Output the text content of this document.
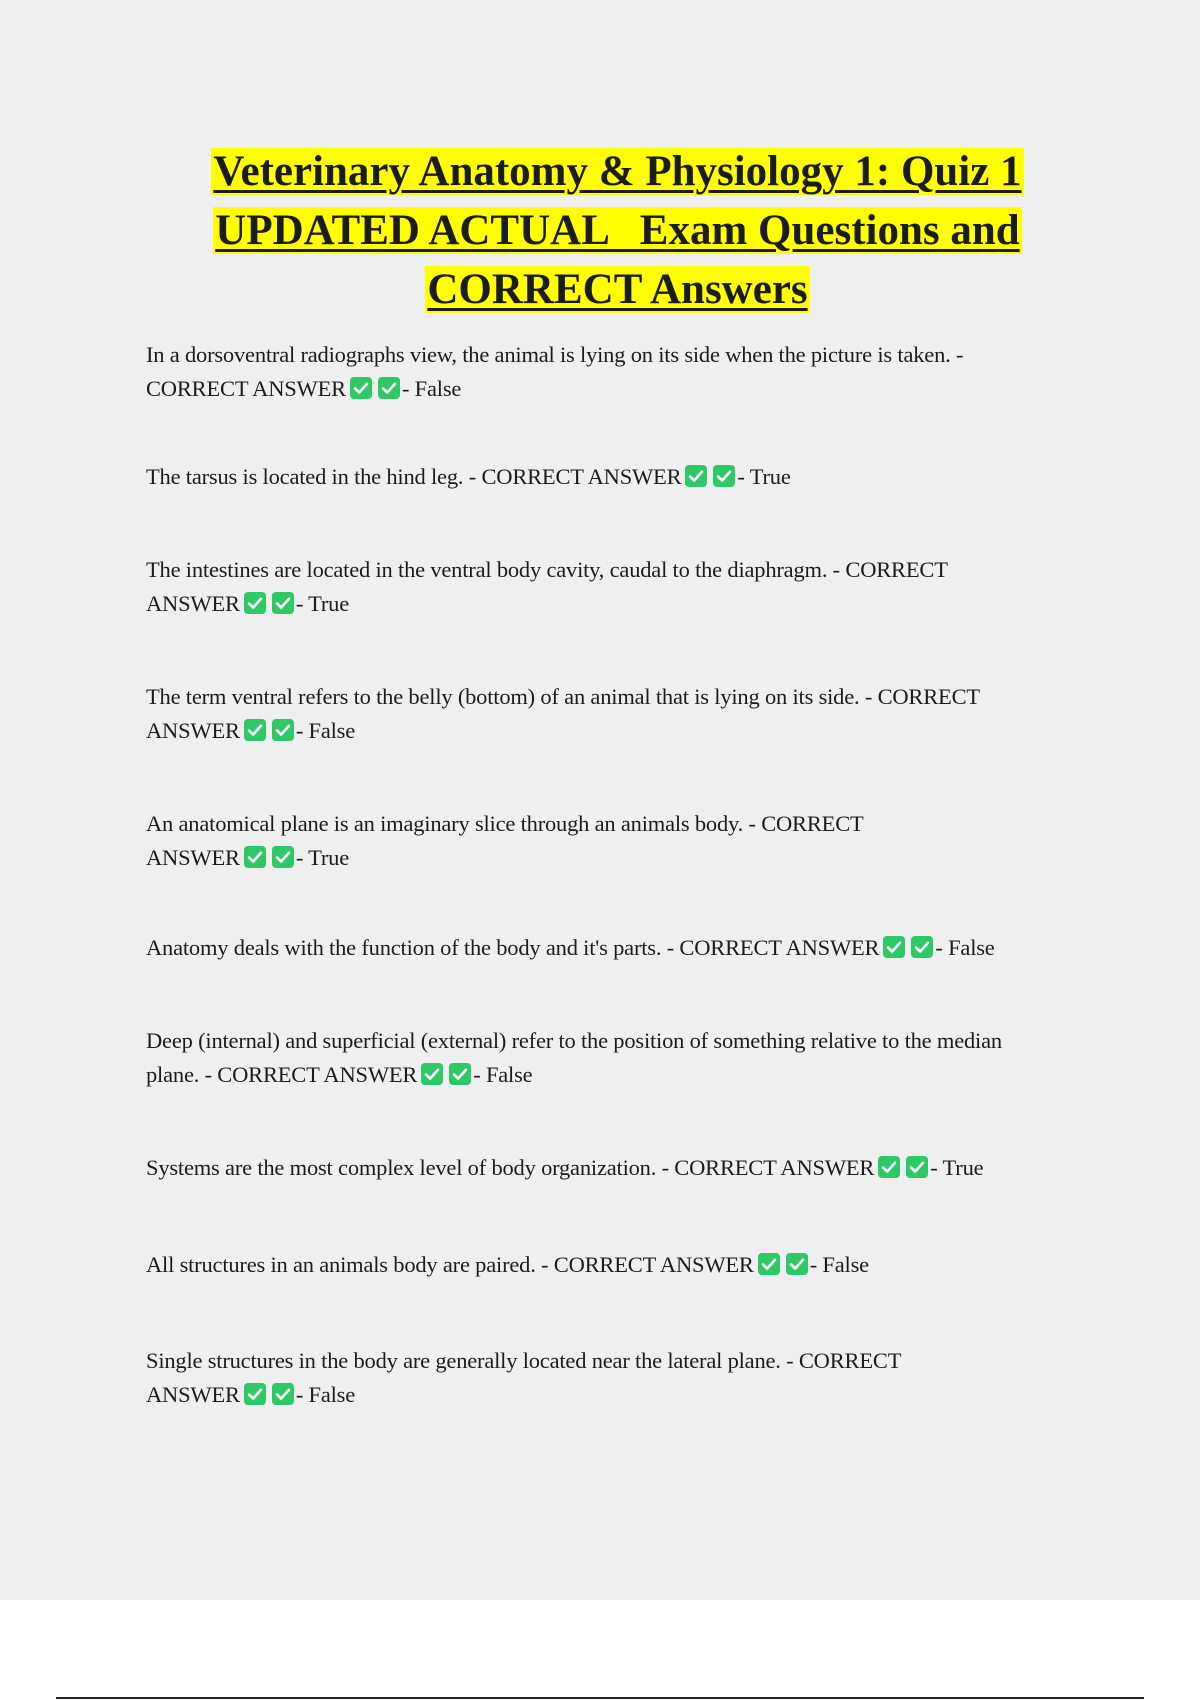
Veterinary Anatomy & Physiology 1: Quiz 1
UPDATED ACTUAL   Exam Questions and
CORRECT Answers

In a dorsoventral radiographs view, the animal is lying on its side when the picture is taken. -
CORRECT ANSWER - False

The tarsus is located in the hind leg. - CORRECT ANSWER - True

The intestines are located in the ventral body cavity, caudal to the diaphragm. - CORRECT
ANSWER - True

The term ventral refers to the belly (bottom) of an animal that is lying on its side. - CORRECT
ANSWER - False

An anatomical plane is an imaginary slice through an animals body. - CORRECT
ANSWER - True

Anatomy deals with the function of the body and it's parts. - CORRECT ANSWER - False

Deep (internal) and superficial (external) refer to the position of something relative to the median
plane. - CORRECT ANSWER - False

Systems are the most complex level of body organization. - CORRECT ANSWER - True

All structures in an animals body are paired. - CORRECT ANSWER - False

Single structures in the body are generally located near the lateral plane. - CORRECT
ANSWER - False
